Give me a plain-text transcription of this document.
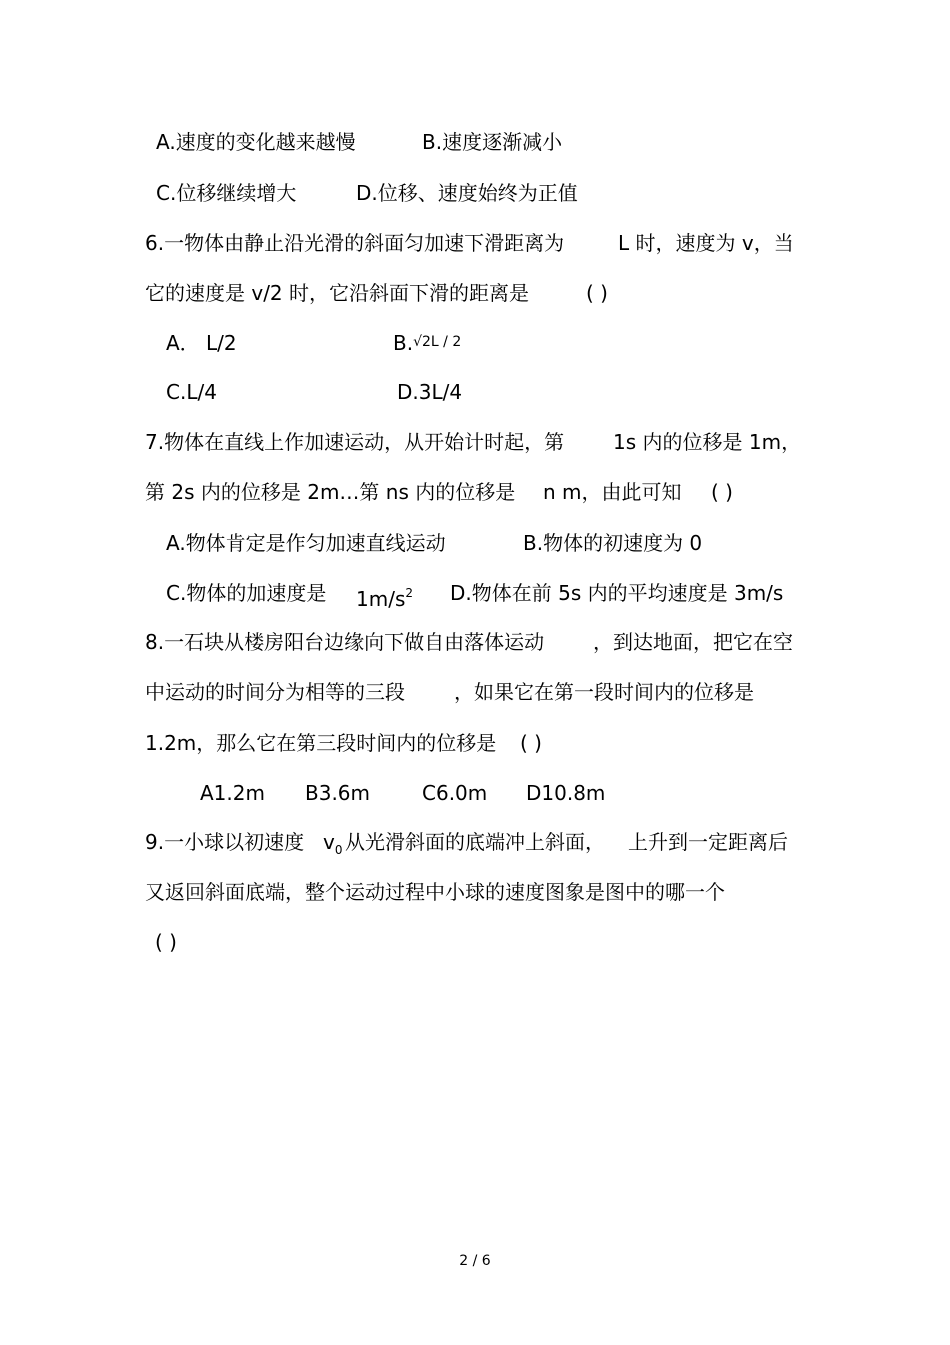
A.速度的变化越来越慢	B.速度逐渐减小
C.位移继续增大	D.位移、速度始终为正值
6.一物体由静止沿光滑的斜面匀加速下滑距离为	L 时，速度为 v，当
它的速度是 v/2 时，它沿斜面下滑的距离是	( )
A． L/2	B.$^{√2L / 2}$
C.L/4	D.3L/4
7.物体在直线上作加速运动，从开始计时起，第 1s 内的位移是 1m，
第 2s 内的位移是 2m…第 ns 内的位移是 n m，由此可知 ( )
A.物体肯定是作匀加速直线运动	B.物体的初速度为 0
C.物体的加速度是 $1m/s^2$ D.物体在前 5s 内的平均速度是 3m/s
8.一石块从楼房阳台边缘向下做自由落体运动 ，到达地面，把它在空
中运动的时间分为相等的三段 ，如果它在第一段时间内的位移是
1.2m，那么它在第三段时间内的位移是 ( )
A1.2m B3.6m	C6.0m D10.8m
9.一小球以初速度 $v_0$ 从光滑斜面的底端冲上斜面， 上升到一定距离后
又返回斜面底端，整个运动过程中小球的速度图象是图中的哪一个
( )
2 / 6
